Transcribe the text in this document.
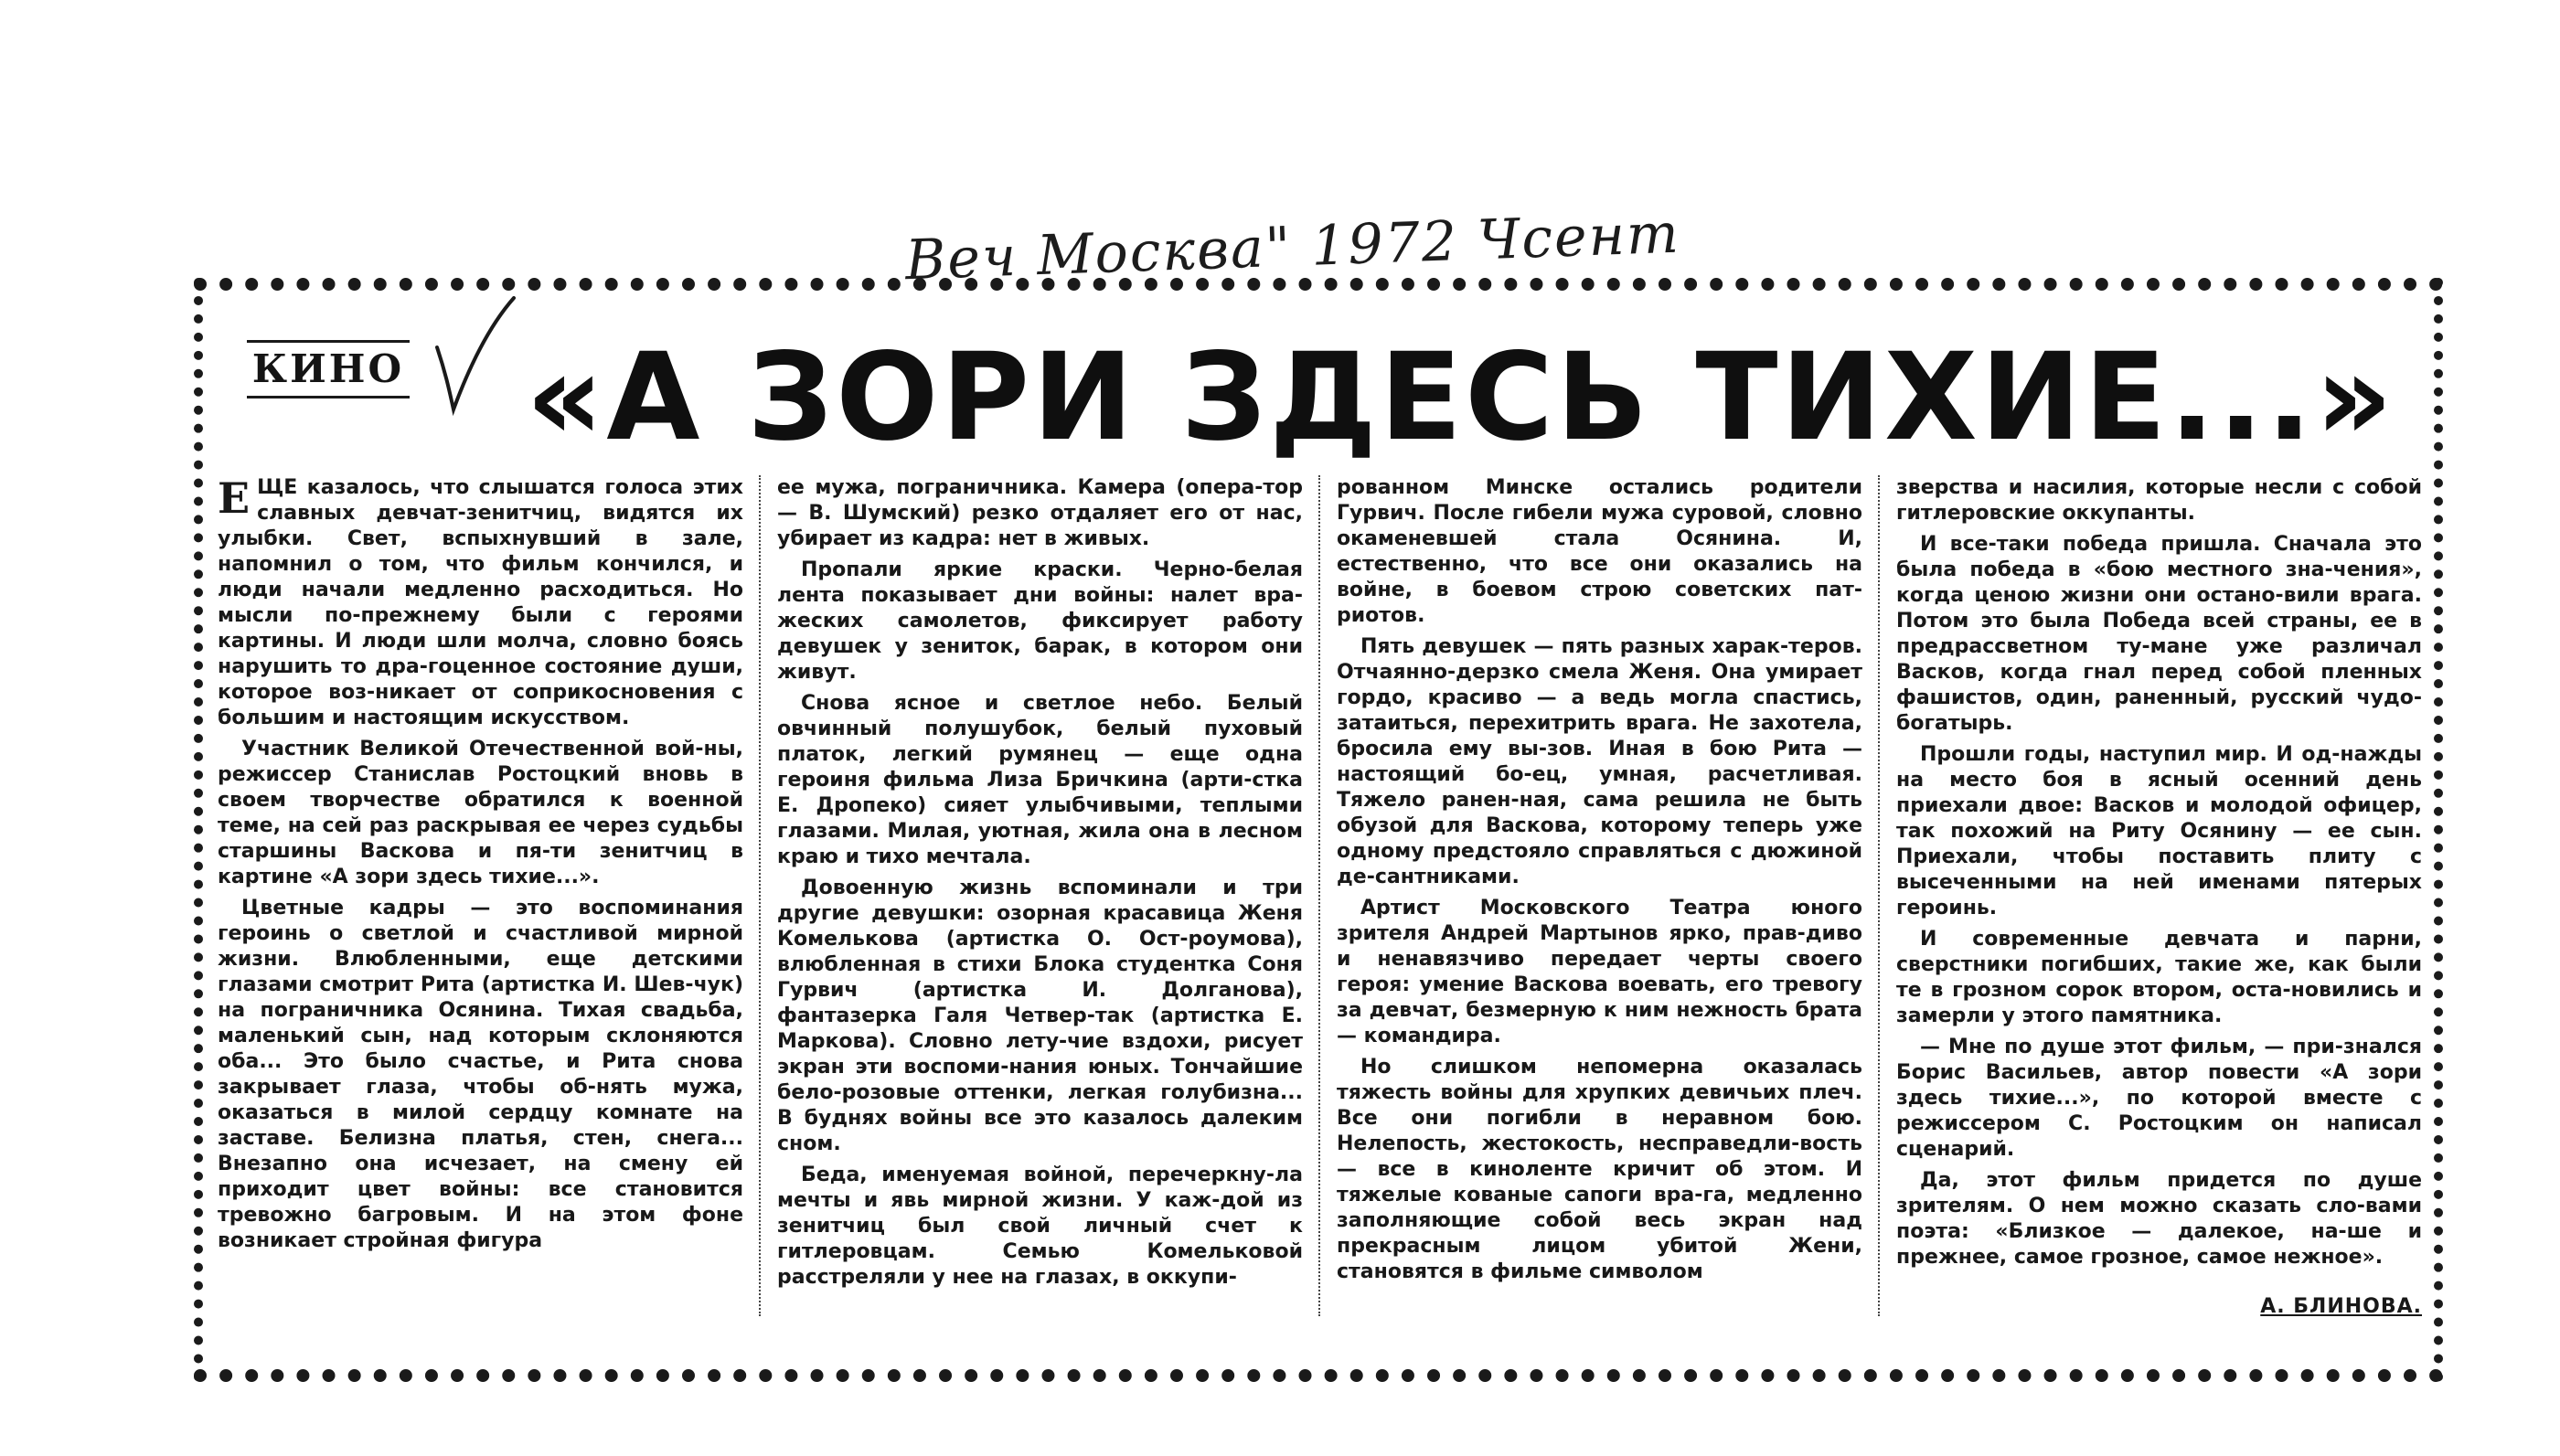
Веч Москва" 1972 Чсент
КИНО «А ЗОРИ ЗДЕСЬ ТИХИЕ...»

ЕЩЕ казалось, что слышатся голоса этих славных девчат-зенитчиц, видятся их улыбки. Свет, вспыхнувший в зале, напомнил о том, что фильм кончился, и люди начали медленно расходиться. Но мысли по-прежнему были с героями картины. И люди шли молча, словно боясь нарушить то дра-гоценное состояние души, которое воз-никает от соприкосновения с большим и настоящим искусством.

Участник Великой Отечественной вой-ны, режиссер Станислав Ростоцкий вновь в своем творчестве обратился к военной теме, на сей раз раскрывая ее через судьбы старшины Васкова и пя-ти зенитчиц в картине «А зори здесь тихие...».

Цветные кадры — это воспоминания героинь о светлой и счастливой мирной жизни. Влюбленными, еще детскими глазами смотрит Рита (артистка И. Шев-чук) на пограничника Осянина. Тихая свадьба, маленький сын, над которым склоняются оба... Это было счастье, и Рита снова закрывает глаза, чтобы об-нять мужа, оказаться в милой сердцу комнате на заставе. Белизна платья, стен, снега... Внезапно она исчезает, на смену ей приходит цвет войны: все становится тревожно багровым. И на этом фоне возникает стройная фигура

ее мужа, пограничника. Камера (опера-тор — В. Шумский) резко отдаляет его от нас, убирает из кадра: нет в живых.

Пропали яркие краски. Черно-белая лента показывает дни войны: налет вра-жеских самолетов, фиксирует работу девушек у зениток, барак, в котором они живут.

Снова ясное и светлое небо. Белый овчинный полушубок, белый пуховый платок, легкий румянец — еще одна героиня фильма Лиза Бричкина (арти-стка Е. Дропеко) сияет улыбчивыми, теплыми глазами. Милая, уютная, жила она в лесном краю и тихо мечтала.

Довоенную жизнь вспоминали и три другие девушки: озорная красавица Женя Комелькова (артистка О. Ост-роумова), влюбленная в стихи Блока студентка Соня Гурвич (артистка И. Долганова), фантазерка Галя Четвер-так (артистка Е. Маркова). Словно лету-чие вздохи, рисует экран эти воспоми-нания юных. Тончайшие бело-розовые оттенки, легкая голубизна... В буднях войны все это казалось далеким сном.

Беда, именуемая войной, перечеркну-ла мечты и явь мирной жизни. У каж-дой из зенитчиц был свой личный счет к гитлеровцам. Семью Комельковой расстреляли у нее на глазах, в оккупи-

рованном Минске остались родители Гурвич. После гибели мужа суровой, словно окаменевшей стала Осянина. И, естественно, что все они оказались на войне, в боевом строю советских пат-риотов.

Пять девушек — пять разных харак-теров. Отчаянно-дерзко смела Женя. Она умирает гордо, красиво — а ведь могла спастись, затаиться, перехитрить врага. Не захотела, бросила ему вы-зов. Иная в бою Рита — настоящий бо-ец, умная, расчетливая. Тяжело ранен-ная, сама решила не быть обузой для Васкова, которому теперь уже одному предстояло справляться с дюжиной де-сантниками.

Артист Московского Театра юного зрителя Андрей Мартынов ярко, прав-диво и ненавязчиво передает черты своего героя: умение Васкова воевать, его тревогу за девчат, безмерную к ним нежность брата — командира.

Но слишком непомерна оказалась тяжесть войны для хрупких девичьих плеч. Все они погибли в неравном бою. Нелепость, жестокость, несправедли-вость — все в киноленте кричит об этом. И тяжелые кованые сапоги вра-га, медленно заполняющие собой весь экран над прекрасным лицом убитой Жени, становятся в фильме символом

зверства и насилия, которые несли с собой гитлеровские оккупанты.

И все-таки победа пришла. Сначала это была победа в «бою местного зна-чения», когда ценою жизни они остано-вили врага. Потом это была Победа всей страны, ее в предрассветном ту-мане уже различал Васков, когда гнал перед собой пленных фашистов, один, раненный, русский чудо-богатырь.

Прошли годы, наступил мир. И од-нажды на место боя в ясный осенний день приехали двое: Васков и молодой офицер, так похожий на Риту Осянину — ее сын. Приехали, чтобы поставить плиту с высеченными на ней именами пятерых героинь.

И современные девчата и парни, сверстники погибших, такие же, как были те в грозном сорок втором, оста-новились и замерли у этого памятника.

— Мне по душе этот фильм, — при-знался Борис Васильев, автор повести «А зори здесь тихие...», по которой вместе с режиссером С. Ростоцким он написал сценарий.

Да, этот фильм придется по душе зрителям. О нем можно сказать сло-вами поэта: «Близкое — далекое, на-ше и прежнее, самое грозное, самое нежное».

А. БЛИНОВА.
